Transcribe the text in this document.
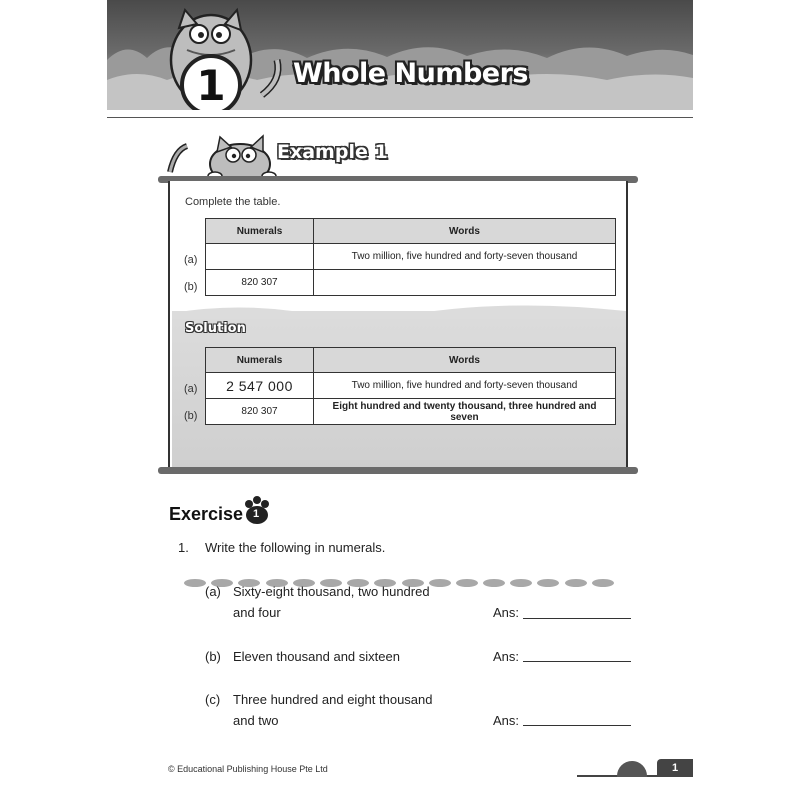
1	Whole Numbers
Example 1
Complete the table.
(a)
(b)
Numerals	Words
	Two million, five hundred and forty-seven thousand
820 307	
Solution
(a)
(b)
Numerals	Words
2 547 000	Two million, five hundred and forty-seven thousand
820 307	Eight hundred and twenty thousand, three hundred and seven
Exercise 1
1. Write the following in numerals.
(a) Sixty-eight thousand, two hundred
and four	Ans:
(b) Eleven thousand and sixteen	Ans:
(c) Three hundred and eight thousand
and two	Ans:
© Educational Publishing House Pte Ltd	1
